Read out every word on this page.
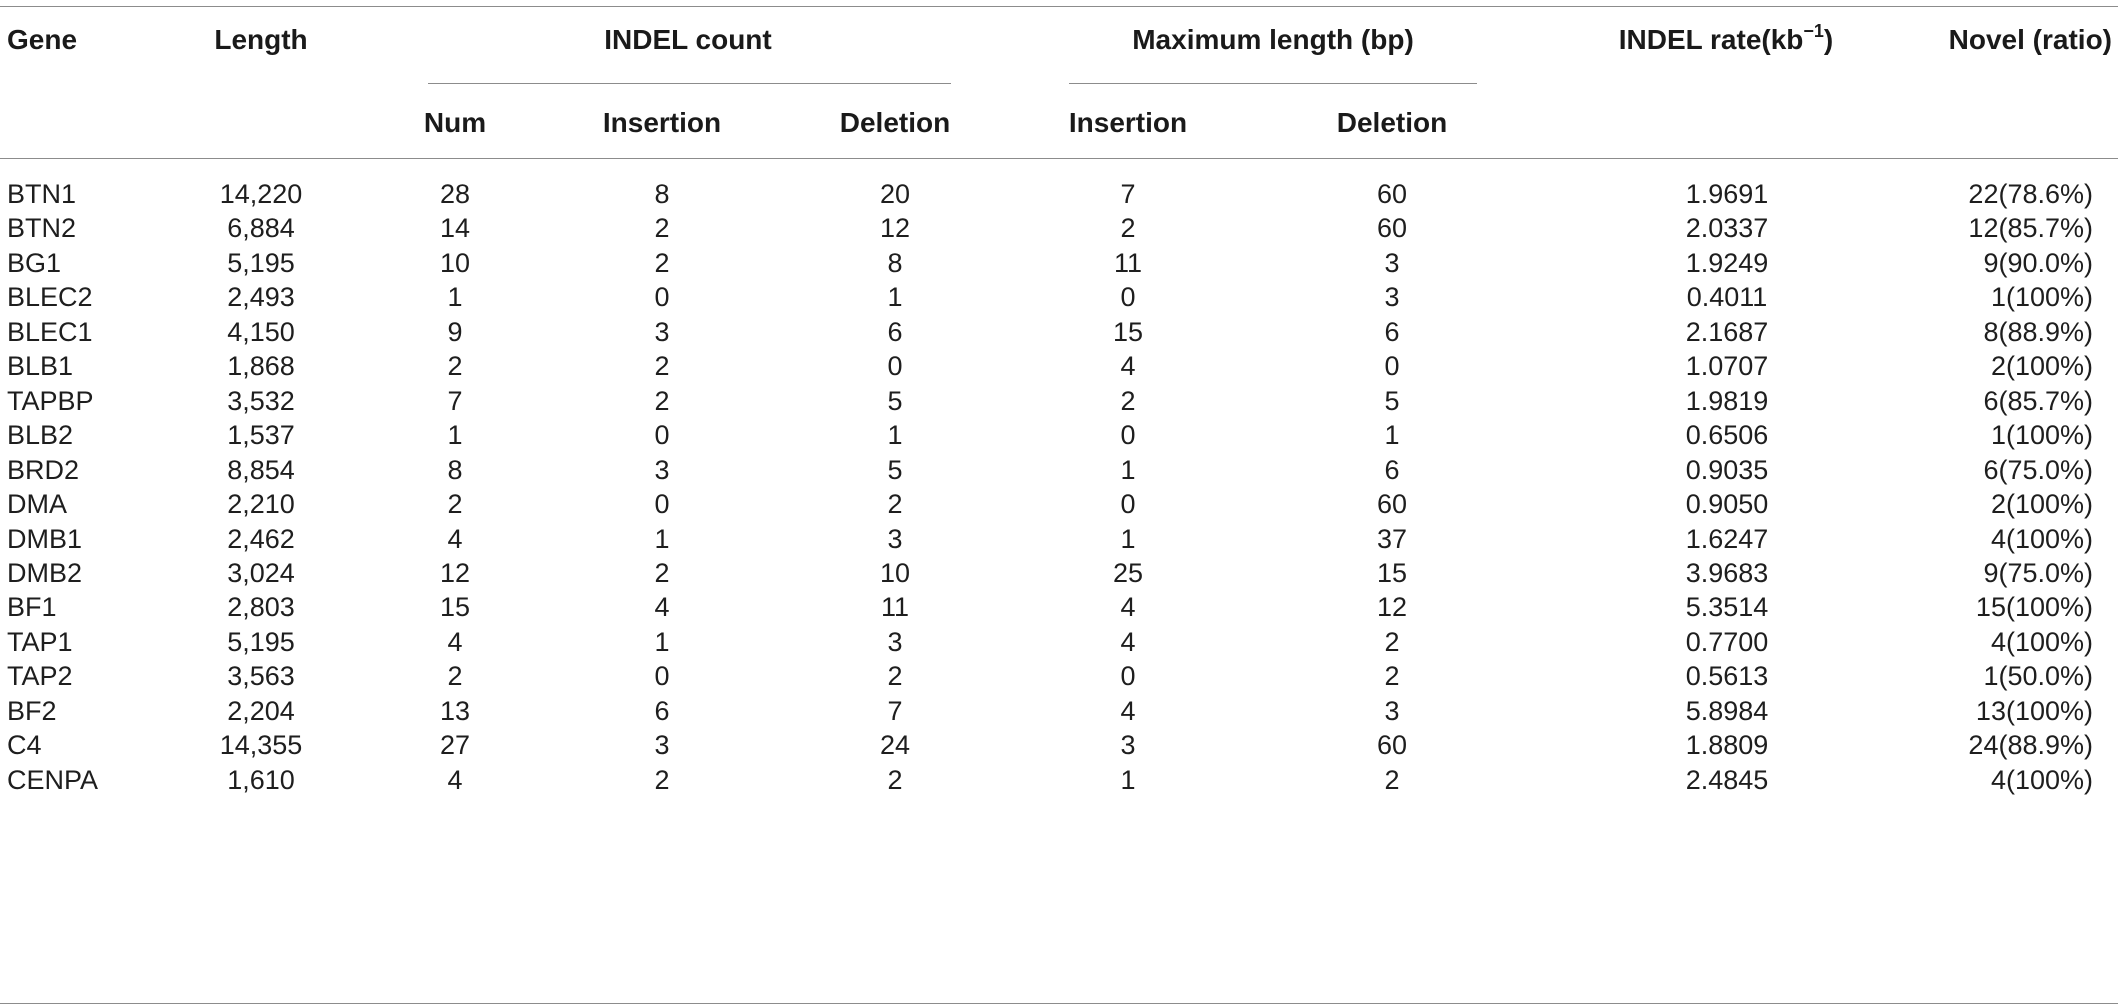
Gene	Length	INDEL count	Maximum length (bp)	INDEL $rate(kb^{-1})$	Novel (ratio)
Num	Insertion	Deletion	Insertion	Deletion
BTN1	14,220	28	8	20	7	60	1.9691	22(78.6%)
BTN2	6,884	14	2	12	2	60	2.0337	12(85.7%)
BG1	5,195	10	2	8	11	3	1.9249	9(90.0%)
BLEC2	2,493	1	0	1	0	3	0.4011	1(100%)
BLEC1	4,150	9	3	6	15	6	2.1687	8(88.9%)
BLB1	1,868	2	2	0	4	0	1.0707	2(100%)
TAPBP	3,532	7	2	5	2	5	1.9819	6(85.7%)
BLB2	1,537	1	0	1	0	1	0.6506	1(100%)
BRD2	8,854	8	3	5	1	6	0.9035	6(75.0%)
DMA	2,210	2	0	2	0	60	0.9050	2(100%)
DMB1	2,462	4	1	3	1	37	1.6247	4(100%)
DMB2	3,024	12	2	10	25	15	3.9683	9(75.0%)
BF1	2,803	15	4	11	4	12	5.3514	15(100%)
TAP1	5,195	4	1	3	4	2	0.7700	4(100%)
TAP2	3,563	2	0	2	0	2	0.5613	1(50.0%)
BF2	2,204	13	6	7	4	3	5.8984	13(100%)
C4	14,355	27	3	24	3	60	1.8809	24(88.9%)
CENPA	1,610	4	2	2	1	2	2.4845	4(100%)
